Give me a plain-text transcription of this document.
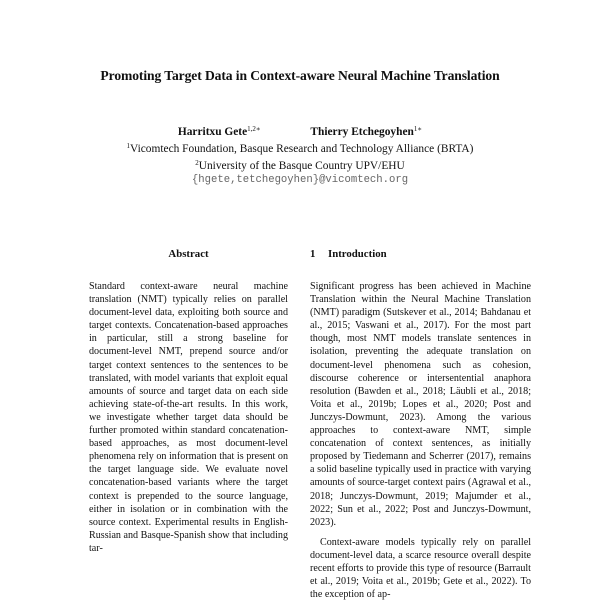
Promoting Target Data in Context-aware Neural Machine Translation
Harritxu Gete$^{1,2∗}$	Thierry Etchegoyhen$^{1∗}$
$^1$Vicomtech Foundation, Basque Research and Technology Alliance (BRTA)
$^2$University of the Basque Country UPV/EHU
{hgete,tetchegoyhen}@vicomtech.org
Abstract
Standard context-aware neural machine translation (NMT) typically relies on parallel document-level data, exploiting both source and target contexts. Concatenation-based approaches in particular, still a strong baseline for document-level NMT, prepend source and/or target context sentences to the sentences to be translated, with model variants that exploit equal amounts of source and target data on each side achieving state-of-the-art results. In this work, we investigate whether target data should be further promoted within standard concatenation-based approaches, as most document-level phenomena rely on information that is present on the target language side. We evaluate novel concatenation-based variants where the target context is prepended to the source language, either in isolation or in combination with the source context. Experimental results in English-Russian and Basque-Spanish show that including tar-
1 Introduction

Significant progress has been achieved in Machine Translation within the Neural Machine Translation (NMT) paradigm (Sutskever et al., 2014; Bahdanau et al., 2015; Vaswani et al., 2017). For the most part though, most NMT models translate sentences in isolation, preventing the adequate translation on document-level phenomena such as cohesion, discourse coherence or intersentential anaphora resolution (Bawden et al., 2018; Läubli et al., 2018; Voita et al., 2019b; Lopes et al., 2020; Post and Junczys-Dowmunt, 2023). Among the various approaches to context-aware NMT, simple concatenation of context sentences, as initially proposed by Tiedemann and Scherrer (2017), remains a solid baseline typically used in practice with varying amounts of source-target context pairs (Agrawal et al., 2018; Junczys-Dowmunt, 2019; Majumder et al., 2022; Sun et al., 2022; Post and Junczys-Dowmunt, 2023).

Context-aware models typically rely on parallel document-level data, a scarce resource overall despite recent efforts to provide this type of resource (Barrault et al., 2019; Voita et al., 2019b; Gete et al., 2022). To the exception of ap-
